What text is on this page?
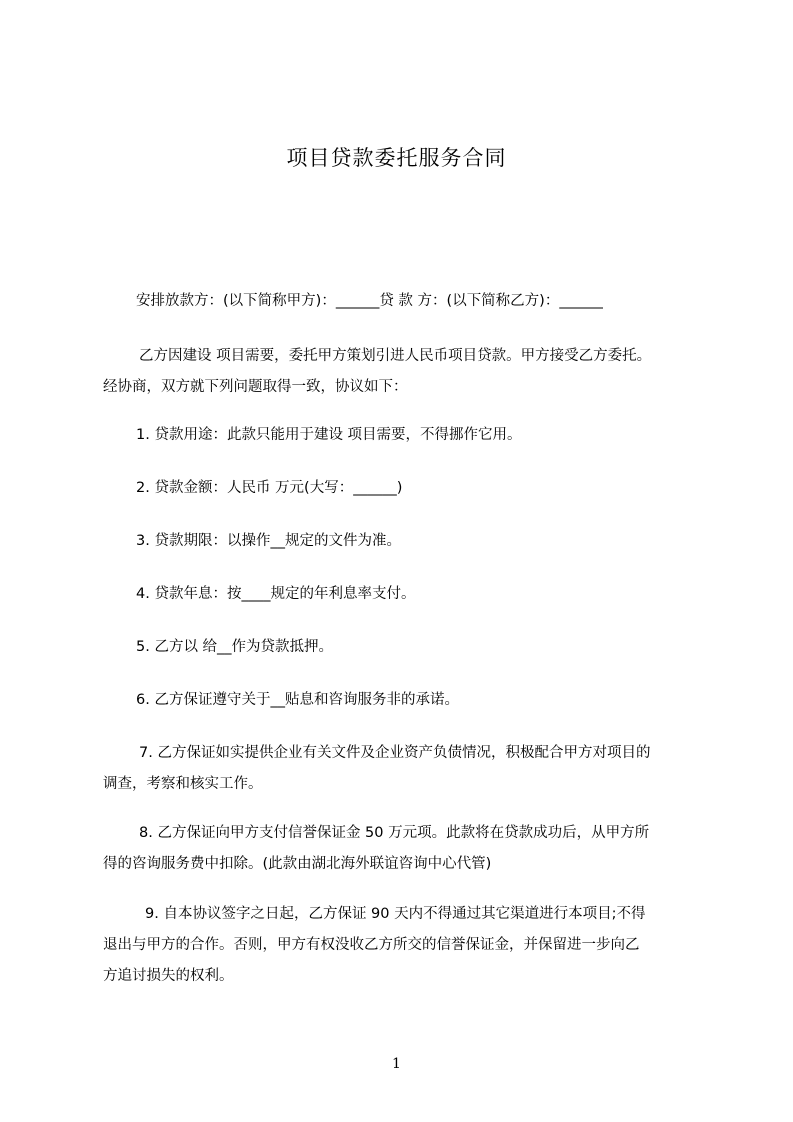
项目贷款委托服务合同
安排放款方：(以下简称甲方)：______贷 款 方：(以下简称乙方)：______
乙方因建设 项目需要，委托甲方策划引进人民币项目贷款。甲方接受乙方委托。
经协商，双方就下列问题取得一致，协议如下：
1. 贷款用途：此款只能用于建设 项目需要，不得挪作它用。
2. 贷款金额：人民币 万元(大写：______)
3. 贷款期限：以操作__规定的文件为准。
4. 贷款年息：按____规定的年利息率支付。
5. 乙方以 给__作为贷款抵押。
6. 乙方保证遵守关于__贴息和咨询服务非的承诺。
7. 乙方保证如实提供企业有关文件及企业资产负债情况，积极配合甲方对项目的
调查，考察和核实工作。
8. 乙方保证向甲方支付信誉保证金 50 万元项。此款将在贷款成功后，从甲方所
得的咨询服务费中扣除。(此款由湖北海外联谊咨询中心代管)
9. 自本协议签字之日起，乙方保证 90 天内不得通过其它渠道进行本项目;不得
退出与甲方的合作。否则，甲方有权没收乙方所交的信誉保证金，并保留进一步向乙
方追讨损失的权利。
1
